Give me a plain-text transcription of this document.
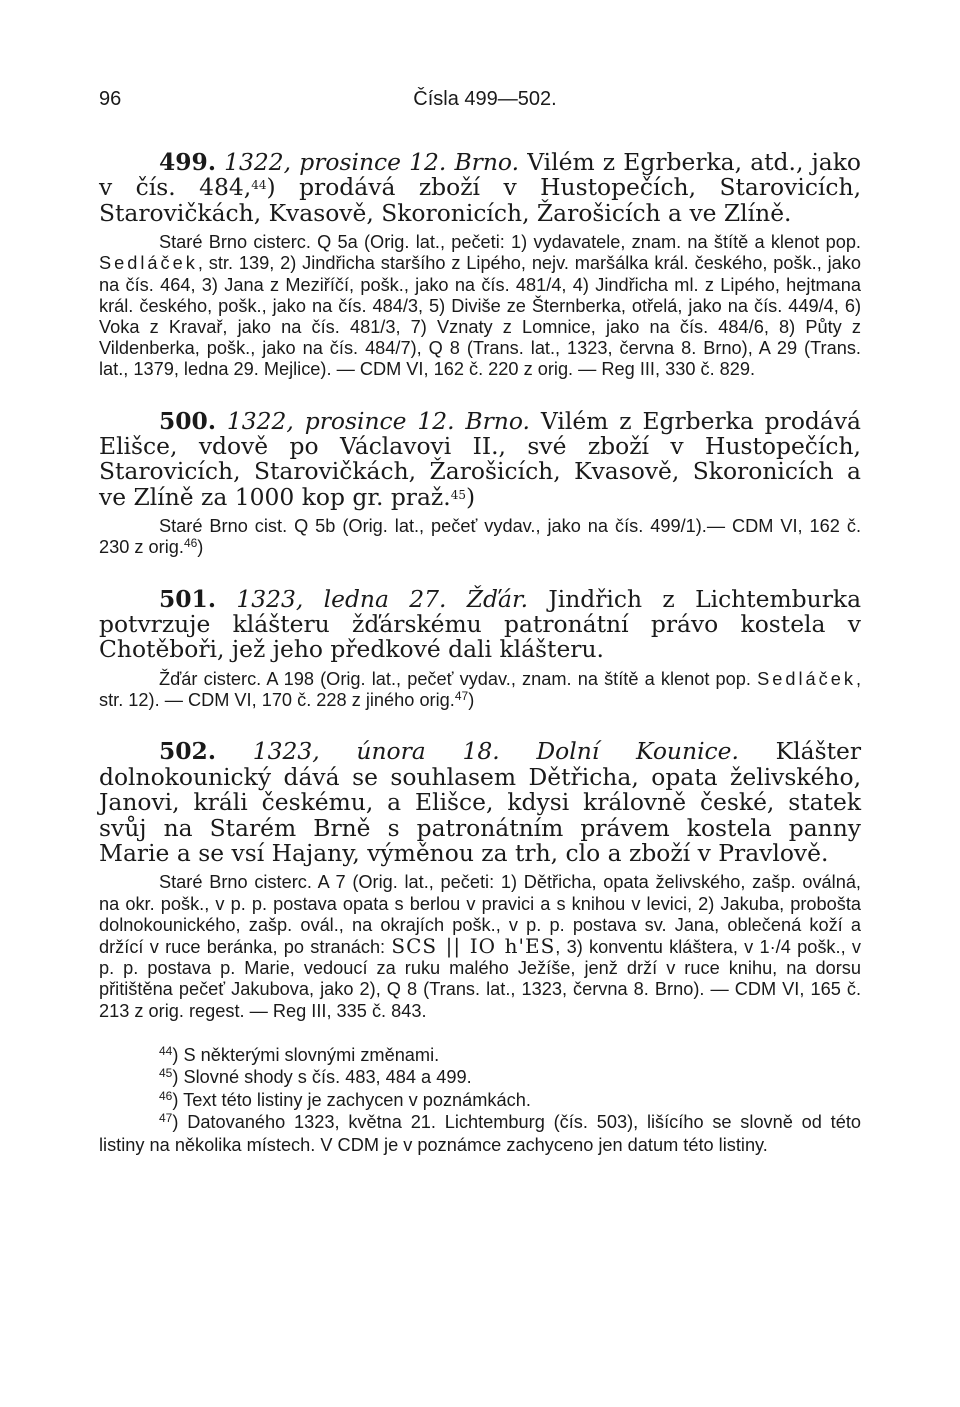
96	Čísla 499—502.

499. 1322, prosince 12. Brno. Vilém z Egrberka, atd., jako v čís. 484,44) prodává zboží v Hustopečích, Starovicích, Starovičkách, Kvasově, Skoronicích, Žarošicích a ve Zlíně.

Staré Brno cisterc. Q 5a (Orig. lat., pečeti: 1) vydavatele, znam. na štítě a klenot pop. Sedláček, str. 139, 2) Jindřicha staršího z Lipého, nejv. maršálka král. českého, pošk., jako na čís. 464, 3) Jana z Meziříčí, pošk., jako na čís. 481/4, 4) Jindřicha ml. z Lipého, hejtmana král. českého, pošk., jako na čís. 484/3, 5) Diviše ze Šternberka, otřelá, jako na čís. 449/4, 6) Voka z Kravař, jako na čís. 481/3, 7) Vznaty z Lomnice, jako na čís. 484/6, 8) Půty z Vildenberka, pošk., jako na čís. 484/7), Q 8 (Trans. lat., 1323, června 8. Brno), A 29 (Trans. lat., 1379, ledna 29. Mejlice). — CDM VI, 162 č. 220 z orig. — Reg III, 330 č. 829.

500. 1322, prosince 12. Brno. Vilém z Egrberka prodává Elišce, vdově po Václavovi II., své zboží v Hustopečích, Starovicích, Starovičkách, Žarošicích, Kvasově, Skoronicích a ve Zlíně za 1000 kop gr. praž.$^{45}$)

Staré Brno cist. Q 5b (Orig. lat., pečeť vydav., jako na čís. 499/1).— CDM VI, 162 č. 230 z orig.$^{46}$)

501. 1323, ledna 27. Žďár. Jindřich z Lichtemburka potvrzuje klášteru žďárskému patronátní právo kostela v Chotěboři, jež jeho předkové dali klášteru.

Žďár cisterc. A 198 (Orig. lat., pečeť vydav., znam. na štítě a klenot pop. Sedláček, str. 12). — CDM VI, 170 č. 228 z jiného orig.$^{47}$)

502. 1323, února 18. Dolní Kounice. Klášter dolnokounický dává se souhlasem Dětřicha, opata želivského, Janovi, králi českému, a Elišce, kdysi královně české, statek svůj na Starém Brně s patronátním právem kostela panny Marie a se vsí Hajany, výměnou za trh, clo a zboží v Pravlově.

Staré Brno cisterc. A 7 (Orig. lat., pečeti: 1) Dětřicha, opata želivského, zašp. oválná, na okr. pošk., v p. p. postava opata s berlou v pravici a s knihou v levici, 2) Jakuba, probošta dolnokounického, zašp. ovál., na okrajích pošk., v p. p. postava sv. Jana, oblečená koží a držící v ruce beránka, po stranách: SCS || IO h'ES, 3) konventu kláštera, v 1·/4 pošk., v p. p. postava p. Marie, vedoucí za ruku malého Ježíše, jenž drží v ruce knihu, na dorsu přitištěna pečeť Jakubova, jako 2), Q 8 (Trans. lat., 1323, června 8. Brno). — CDM VI, 165 č. 213 z orig. regest. — Reg III, 335 č. 843.

$^{44}$) S některými slovnými změnami.
$^{45}$) Slovné shody s čís. 483, 484 a 499.
$^{46}$) Text této listiny je zachycen v poznámkách.
$^{47}$) Datovaného 1323, května 21. Lichtemburg (čís. 503), lišícího se slovně od této listiny na několika místech. V CDM je v poznámce zachyceno jen datum této listiny.
